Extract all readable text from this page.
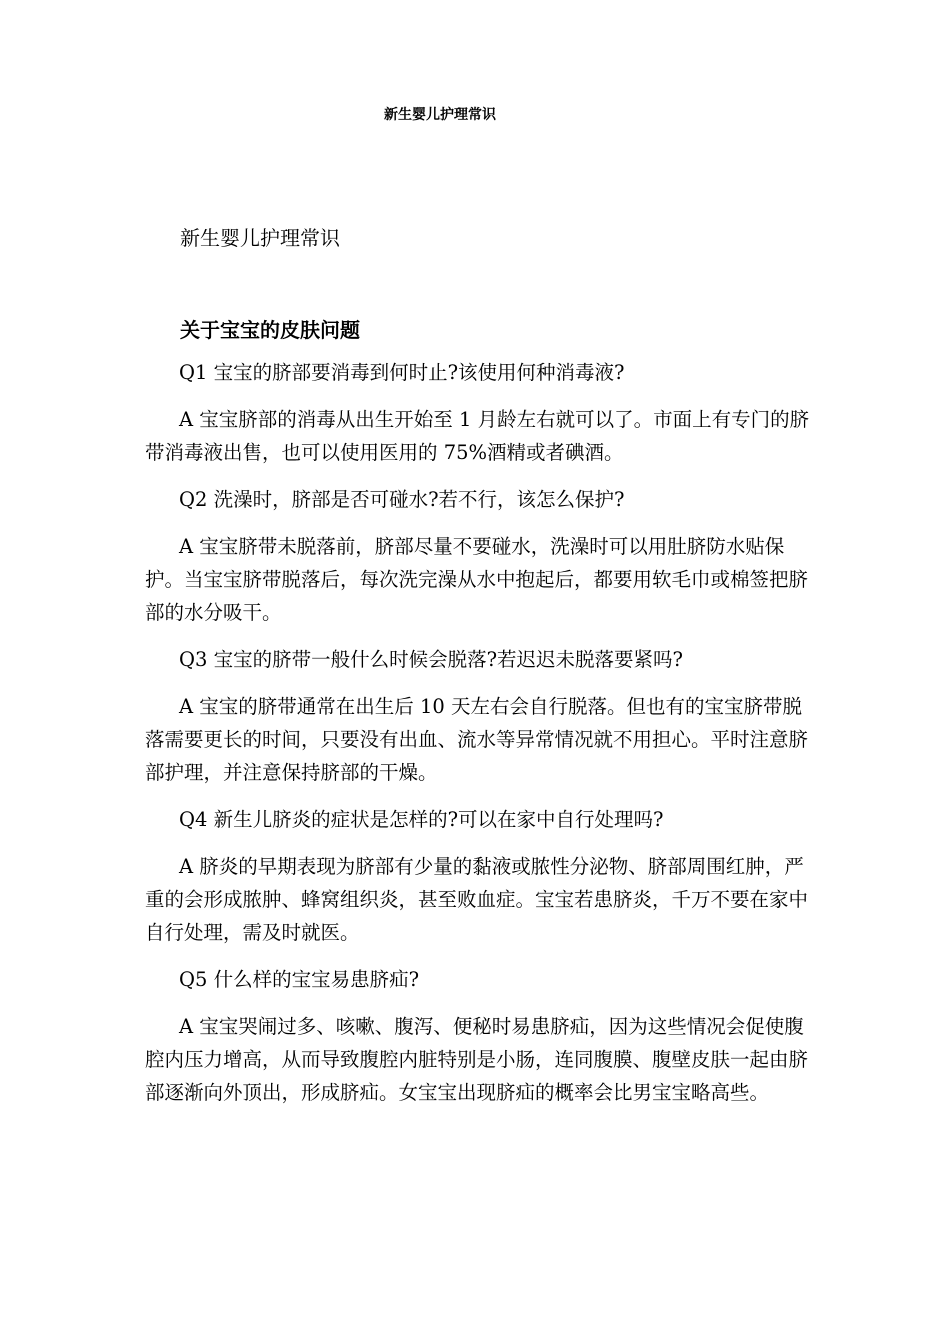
新生婴儿护理常识
新生婴儿护理常识
关于宝宝的皮肤问题

Q1 宝宝的脐部要消毒到何时止?该使用何种消毒液?

A 宝宝脐部的消毒从出生开始至 1 月龄左右就可以了。市面上有专门的脐带消毒液出售，也可以使用医用的 75%酒精或者碘酒。

Q2 洗澡时，脐部是否可碰水?若不行，该怎么保护?

A 宝宝脐带未脱落前，脐部尽量不要碰水，洗澡时可以用肚脐防水贴保护。当宝宝脐带脱落后，每次洗完澡从水中抱起后，都要用软毛巾或棉签把脐部的水分吸干。

Q3 宝宝的脐带一般什么时候会脱落?若迟迟未脱落要紧吗?

A 宝宝的脐带通常在出生后 10 天左右会自行脱落。但也有的宝宝脐带脱落需要更长的时间，只要没有出血、流水等异常情况就不用担心。平时注意脐部护理，并注意保持脐部的干燥。

Q4 新生儿脐炎的症状是怎样的?可以在家中自行处理吗?

A 脐炎的早期表现为脐部有少量的黏液或脓性分泌物、脐部周围红肿，严重的会形成脓肿、蜂窝组织炎，甚至败血症。宝宝若患脐炎，千万不要在家中自行处理，需及时就医。

Q5 什么样的宝宝易患脐疝?

A 宝宝哭闹过多、咳嗽、腹泻、便秘时易患脐疝，因为这些情况会促使腹腔内压力增高，从而导致腹腔内脏特别是小肠，连同腹膜、腹壁皮肤一起由脐部逐渐向外顶出，形成脐疝。女宝宝出现脐疝的概率会比男宝宝略高些。
